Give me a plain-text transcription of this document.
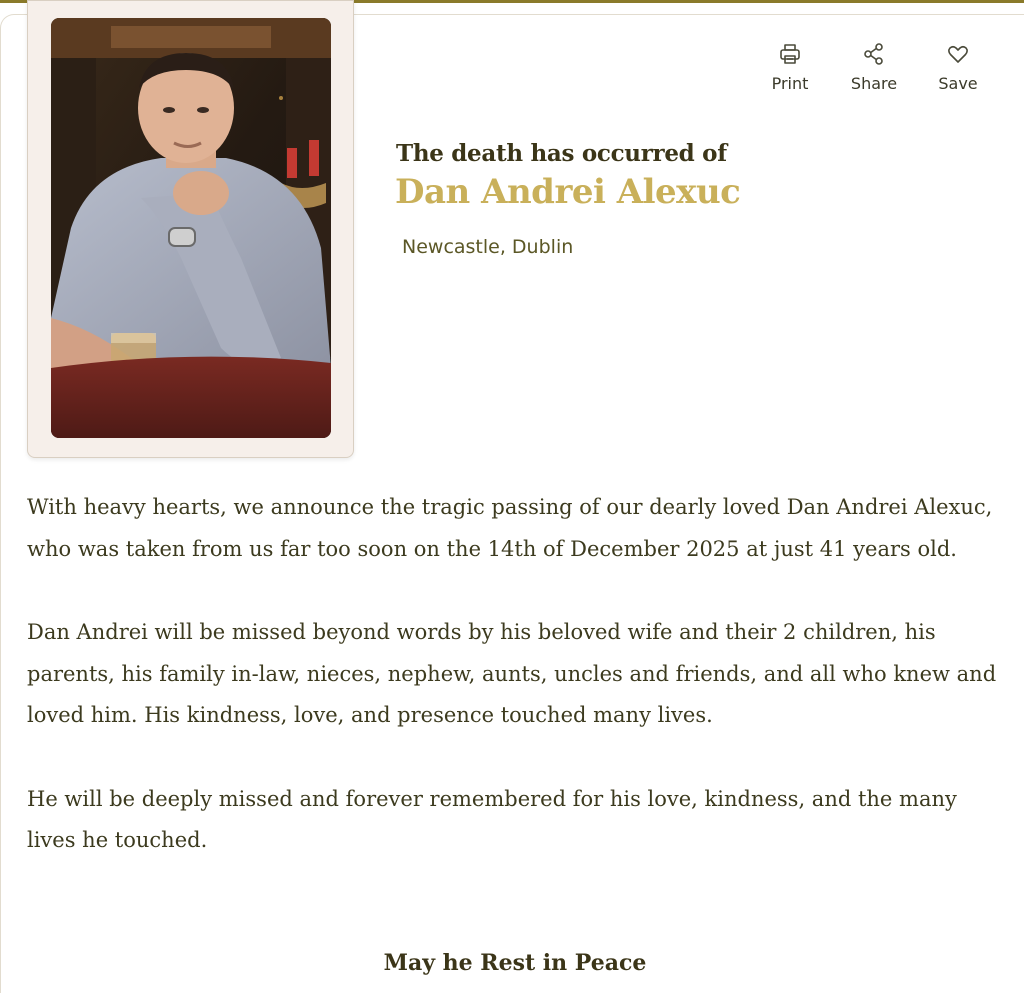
Print	Share	Save
The death has occurred of
Dan Andrei Alexuc
Newcastle, Dublin

With heavy hearts, we announce the tragic passing of our dearly loved Dan Andrei Alexuc, who was taken from us far too soon on the 14th of December 2025 at just 41 years old.

Dan Andrei will be missed beyond words by his beloved wife and their 2 children, his parents, his family in-law, nieces, nephew, aunts, uncles and friends, and all who knew and loved him. His kindness, love, and presence touched many lives.

He will be deeply missed and forever remembered for his love, kindness, and the many lives he touched.

May he Rest in Peace
